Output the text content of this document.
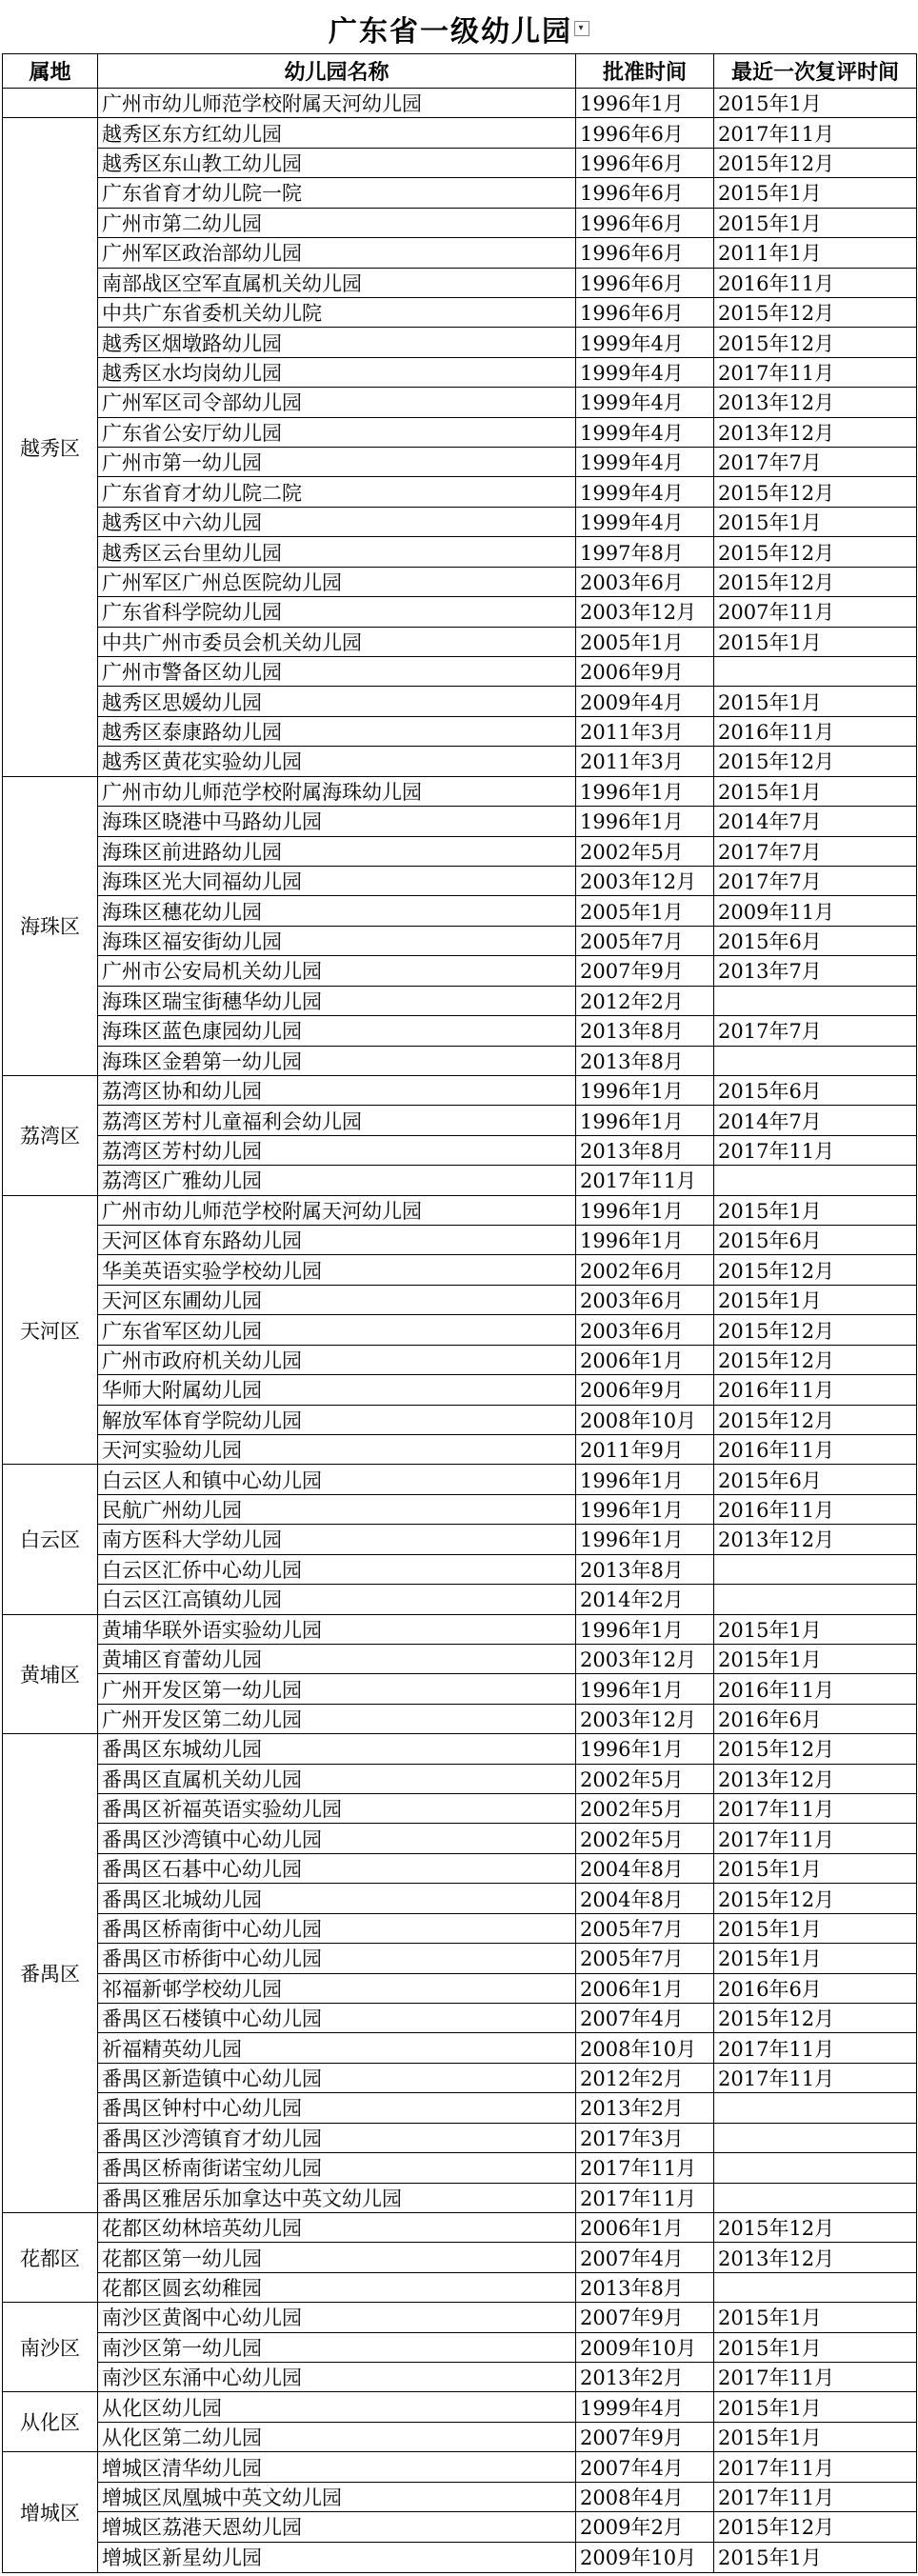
广东省一级幼儿园 ▾
属地	幼儿园名称	批准时间	最近一次复评时间
	广州市幼儿师范学校附属天河幼儿园	1996年1月	2015年1月
越秀区	越秀区东方红幼儿园	1996年6月	2017年11月
	越秀区东山教工幼儿园	1996年6月	2015年12月
	广东省育才幼儿院一院	1996年6月	2015年1月
	广州市第二幼儿园	1996年6月	2015年1月
	广州军区政治部幼儿园	1996年6月	2011年1月
	南部战区空军直属机关幼儿园	1996年6月	2016年11月
	中共广东省委机关幼儿院	1996年6月	2015年12月
	越秀区烟墩路幼儿园	1999年4月	2015年12月
	越秀区水均岗幼儿园	1999年4月	2017年11月
	广州军区司令部幼儿园	1999年4月	2013年12月
	广东省公安厅幼儿园	1999年4月	2013年12月
	广州市第一幼儿园	1999年4月	2017年7月
	广东省育才幼儿院二院	1999年4月	2015年12月
	越秀区中六幼儿园	1999年4月	2015年1月
	越秀区云台里幼儿园	1997年8月	2015年12月
	广州军区广州总医院幼儿园	2003年6月	2015年12月
	广东省科学院幼儿园	2003年12月	2007年11月
	中共广州市委员会机关幼儿园	2005年1月	2015年1月
	广州市警备区幼儿园	2006年9月	
	越秀区思媛幼儿园	2009年4月	2015年1月
	越秀区泰康路幼儿园	2011年3月	2016年11月
	越秀区黄花实验幼儿园	2011年3月	2015年12月
海珠区	广州市幼儿师范学校附属海珠幼儿园	1996年1月	2015年1月
	海珠区晓港中马路幼儿园	1996年1月	2014年7月
	海珠区前进路幼儿园	2002年5月	2017年7月
	海珠区光大同福幼儿园	2003年12月	2017年7月
	海珠区穗花幼儿园	2005年1月	2009年11月
	海珠区福安街幼儿园	2005年7月	2015年6月
	广州市公安局机关幼儿园	2007年9月	2013年7月
	海珠区瑞宝街穗华幼儿园	2012年2月	
	海珠区蓝色康园幼儿园	2013年8月	2017年7月
	海珠区金碧第一幼儿园	2013年8月	
荔湾区	荔湾区协和幼儿园	1996年1月	2015年6月
	荔湾区芳村儿童福利会幼儿园	1996年1月	2014年7月
	荔湾区芳村幼儿园	2013年8月	2017年11月
	荔湾区广雅幼儿园	2017年11月	
天河区	广州市幼儿师范学校附属天河幼儿园	1996年1月	2015年1月
	天河区体育东路幼儿园	1996年1月	2015年6月
	华美英语实验学校幼儿园	2002年6月	2015年12月
	天河区东圃幼儿园	2003年6月	2015年1月
	广东省军区幼儿园	2003年6月	2015年12月
	广州市政府机关幼儿园	2006年1月	2015年12月
	华师大附属幼儿园	2006年9月	2016年11月
	解放军体育学院幼儿园	2008年10月	2015年12月
	天河实验幼儿园	2011年9月	2016年11月
白云区	白云区人和镇中心幼儿园	1996年1月	2015年6月
	民航广州幼儿园	1996年1月	2016年11月
	南方医科大学幼儿园	1996年1月	2013年12月
	白云区汇侨中心幼儿园	2013年8月	
	白云区江高镇幼儿园	2014年2月	
黄埔区	黄埔华联外语实验幼儿园	1996年1月	2015年1月
	黄埔区育蕾幼儿园	2003年12月	2015年1月
	广州开发区第一幼儿园	1996年1月	2016年11月
	广州开发区第二幼儿园	2003年12月	2016年6月
番禺区	番禺区东城幼儿园	1996年1月	2015年12月
	番禺区直属机关幼儿园	2002年5月	2013年12月
	番禺区祈福英语实验幼儿园	2002年5月	2017年11月
	番禺区沙湾镇中心幼儿园	2002年5月	2017年11月
	番禺区石碁中心幼儿园	2004年8月	2015年1月
	番禺区北城幼儿园	2004年8月	2015年12月
	番禺区桥南街中心幼儿园	2005年7月	2015年1月
	番禺区市桥街中心幼儿园	2005年7月	2015年1月
	祁福新邨学校幼儿园	2006年1月	2016年6月
	番禺区石楼镇中心幼儿园	2007年4月	2015年12月
	祈福精英幼儿园	2008年10月	2017年11月
	番禺区新造镇中心幼儿园	2012年2月	2017年11月
	番禺区钟村中心幼儿园	2013年2月	
	番禺区沙湾镇育才幼儿园	2017年3月	
	番禺区桥南街诺宝幼儿园	2017年11月	
	番禺区雅居乐加拿达中英文幼儿园	2017年11月	
花都区	花都区幼林培英幼儿园	2006年1月	2015年12月
	花都区第一幼儿园	2007年4月	2013年12月
	花都区圆玄幼稚园	2013年8月	
南沙区	南沙区黄阁中心幼儿园	2007年9月	2015年1月
	南沙区第一幼儿园	2009年10月	2015年1月
	南沙区东涌中心幼儿园	2013年2月	2017年11月
从化区	从化区幼儿园	1999年4月	2015年1月
	从化区第二幼儿园	2007年9月	2015年1月
增城区	增城区清华幼儿园	2007年4月	2017年11月
	增城区凤凰城中英文幼儿园	2008年4月	2017年11月
	增城区荔港天恩幼儿园	2009年2月	2015年12月
	增城区新星幼儿园	2009年10月	2015年1月
